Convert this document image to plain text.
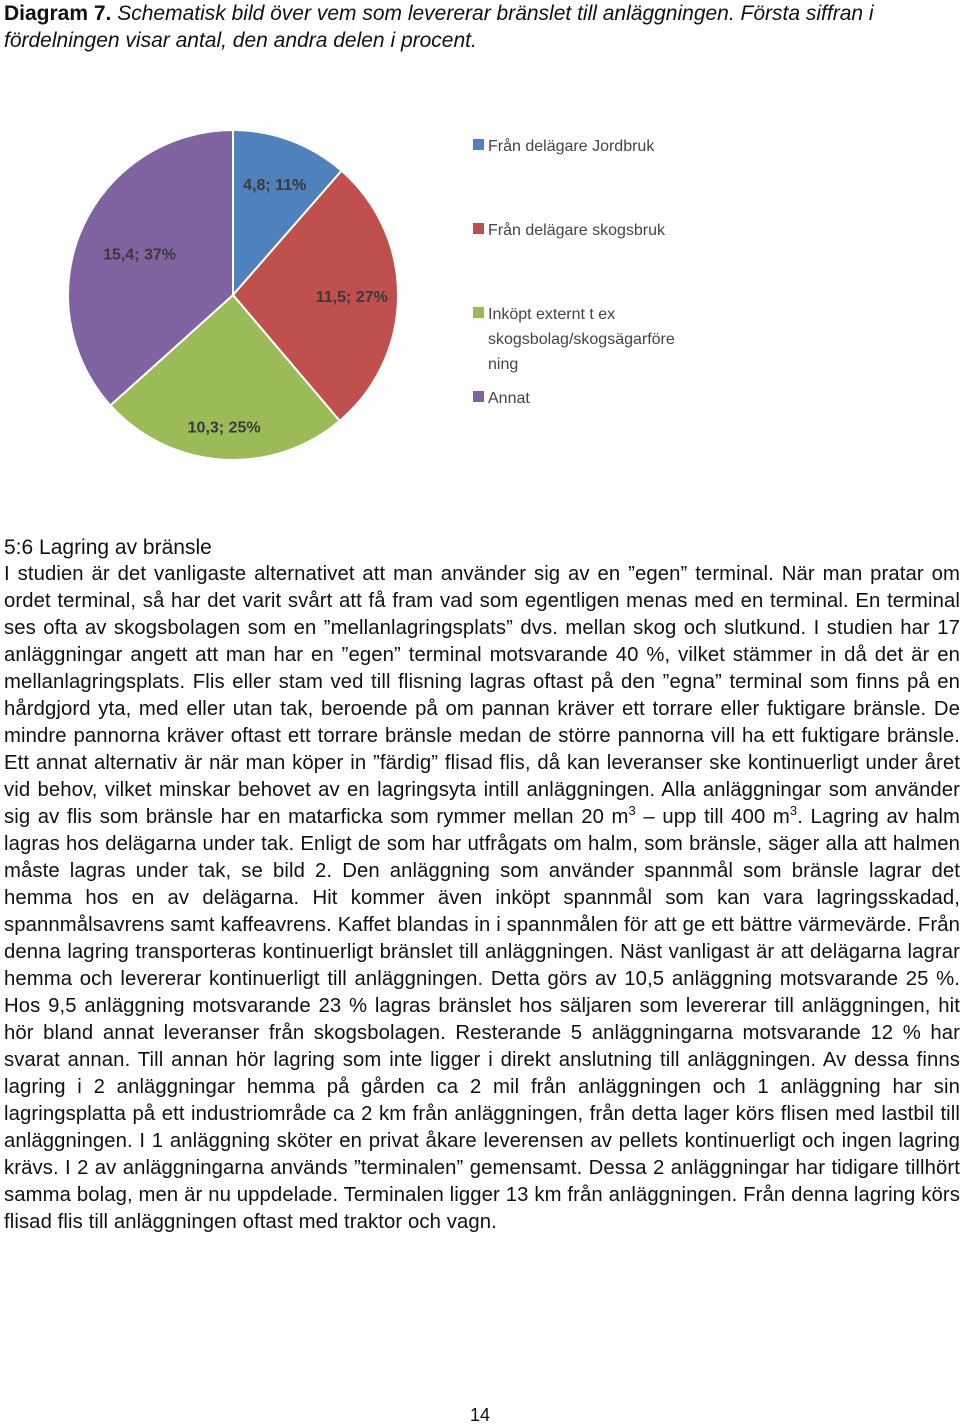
Diagram 7. Schematisk bild över vem som levererar bränslet till anläggningen. Första siffran i fördelningen visar antal, den andra delen i procent.
4,8; 11%
11,5; 27%
10,3; 25%
15,4; 37%
Från delägare Jordbruk
Från delägare skogsbruk
Inköpt externt t ex skogsbolag/skogsägarföre ning
Annat
5:6 Lagring av bränsle

I studien är det vanligaste alternativet att man använder sig av en ”egen” terminal. När man pratar om ordet terminal, så har det varit svårt att få fram vad som egentligen menas med en terminal. En terminal ses ofta av skogsbolagen som en ”mellanlagringsplats” dvs. mellan skog och slutkund. I studien har 17 anläggningar angett att man har en ”egen” terminal motsvarande 40 %, vilket stämmer in då det är en mellanlagringsplats. Flis eller stam ved till flisning lagras oftast på den ”egna” terminal som finns på en hårdgjord yta, med eller utan tak, beroende på om pannan kräver ett torrare eller fuktigare bränsle. De mindre pannorna kräver oftast ett torrare bränsle medan de större pannorna vill ha ett fuktigare bränsle. Ett annat alternativ är när man köper in ”färdig” flisad flis, då kan leveranser ske kontinuerligt under året vid behov, vilket minskar behovet av en lagringsyta intill anläggningen. Alla anläggningar som använder sig av flis som bränsle har en matarficka som rymmer mellan 20 $m^3$ – upp till 400 $m^3$. Lagring av halm lagras hos delägarna under tak. Enligt de som har utfrågats om halm, som bränsle, säger alla att halmen måste lagras under tak, se bild 2. Den anläggning som använder spannmål som bränsle lagrar det hemma hos en av delägarna. Hit kommer även inköpt spannmål som kan vara lagringsskadad, spannmålsavrens samt kaffeavrens. Kaffet blandas in i spannmålen för att ge ett bättre värmevärde. Från denna lagring transporteras kontinuerligt bränslet till anläggningen. Näst vanligast är att delägarna lagrar hemma och levererar kontinuerligt till anläggningen. Detta görs av 10,5 anläggning motsvarande 25 %. Hos 9,5 anläggning motsvarande 23 % lagras bränslet hos säljaren som levererar till anläggningen, hit hör bland annat leveranser från skogsbolagen. Resterande 5 anläggningarna motsvarande 12 % har svarat annan. Till annan hör lagring som inte ligger i direkt anslutning till anläggningen. Av dessa finns lagring i 2 anläggningar hemma på gården ca 2 mil från anläggningen och 1 anläggning har sin lagringsplatta på ett industriområde ca 2 km från anläggningen, från detta lager körs flisen med lastbil till anläggningen. I 1 anläggning sköter en privat åkare leverensen av pellets kontinuerligt och ingen lagring krävs. I 2 av anläggningarna används ”terminalen” gemensamt. Dessa 2 anläggningar har tidigare tillhört samma bolag, men är nu uppdelade. Terminalen ligger 13 km från anläggningen. Från denna lagring körs flisad flis till anläggningen oftast med traktor och vagn.

14
